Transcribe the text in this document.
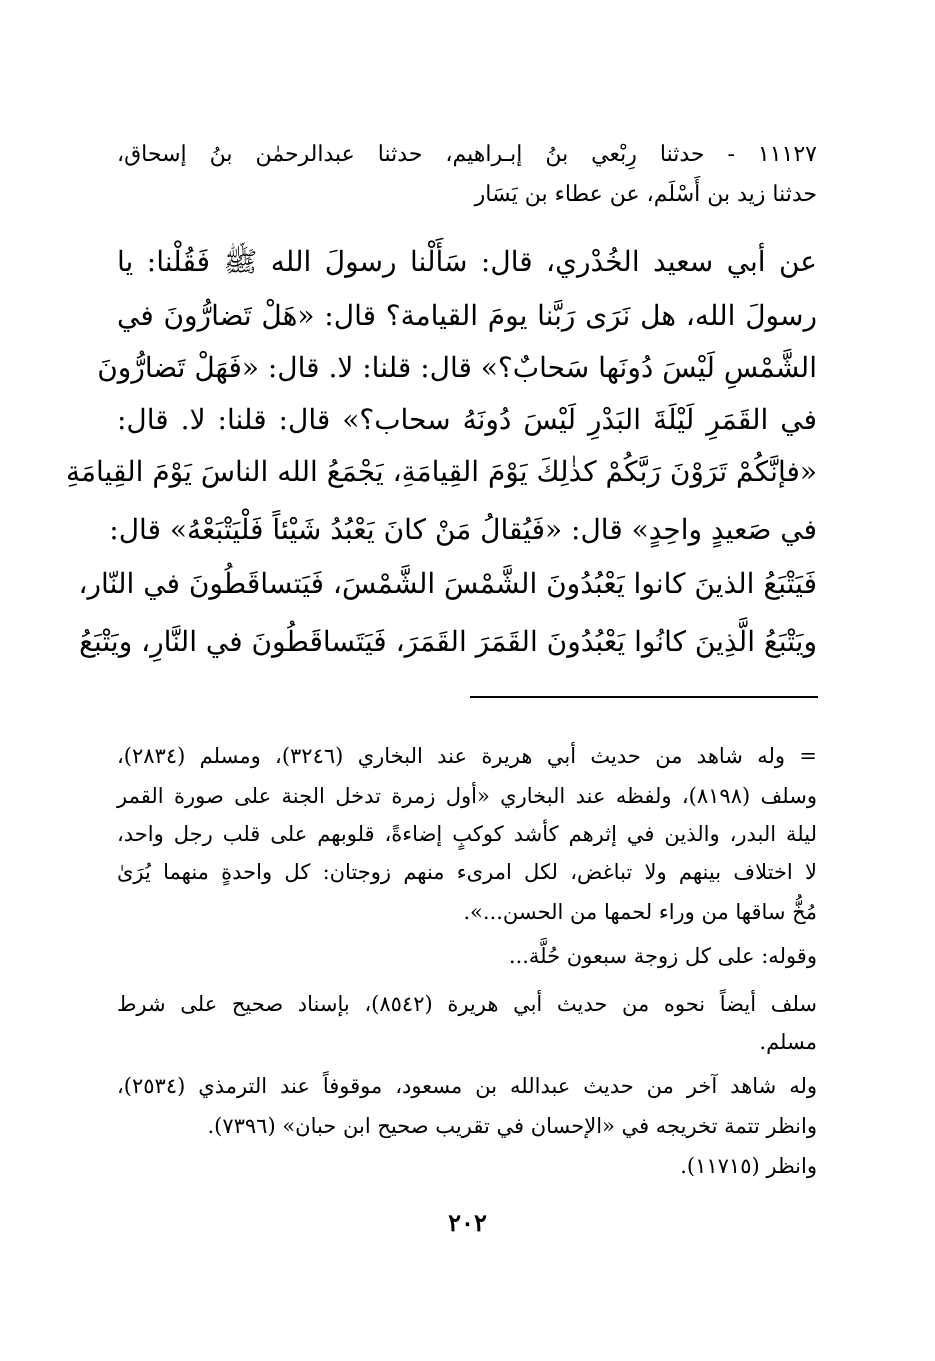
١١١٢٧ - حدثنا رِبْعي بنُ إبـراهيم، حدثنا عبدالرحمٰن بنُ إسحاق،
حدثنا زيد بن أَسْلَم، عن عطاء بن يَسَار
عن أبي سعيد الخُدْري، قال: سَأَلْنا رسولَ الله ﷺ فَقُلْنا: يا
رسولَ الله، هل نَرَى رَبَّنا يومَ القيامة؟ قال: «هَلْ تَضارُّونَ في
الشَّمْسِ لَيْسَ دُونَها سَحابٌ؟» قال: قلنا: لا. قال: «فَهَلْ تَضارُّونَ
في القَمَرِ لَيْلَةَ البَدْرِ لَيْسَ دُونَهُ سحاب؟» قال: قلنا: لا. قال:
«فإنَّكُمْ تَرَوْنَ رَبَّكُمْ كذٰلِكَ يَوْمَ القِيامَةِ، يَجْمَعُ الله الناسَ يَوْمَ القِيامَةِ
في صَعيدٍ واحِدٍ» قال: «فَيُقالُ مَنْ كانَ يَعْبُدُ شَيْئاً فَلْيَتْبَعْهُ» قال:
فَيَتْبَعُ الذينَ كانوا يَعْبُدُونَ الشَّمْسَ الشَّمْسَ، فَيَتساقَطُونَ في النّار،
ويَتْبَعُ الَّذِينَ كانُوا يَعْبُدُونَ القَمَرَ القَمَرَ، فَيَتَساقَطُونَ في النَّارِ، ويَتْبَعُ
= وله شاهد من حديث أبي هريرة عند البخاري (٣٢٤٦)، ومسلم (٢٨٣٤)،
وسلف (٨١٩٨)، ولفظه عند البخاري «أول زمرة تدخل الجنة على صورة القمر
ليلة البدر، والذين في إثرهم كأشد كوكبٍ إضاءةً، قلوبهم على قلب رجل واحد،
لا اختلاف بينهم ولا تباغض، لكل امرىء منهم زوجتان: كل واحدةٍ منهما يُرَىٰ
مُخُّ ساقها من وراء لحمها من الحسن...».
وقوله: على كل زوجة سبعون حُلَّة...
سلف أيضاً نحوه من حديث أبي هريرة (٨٥٤٢)، بإسناد صحيح على شرط
مسلم.
وله شاهد آخر من حديث عبدالله بن مسعود، موقوفاً عند الترمذي (٢٥٣٤)،
وانظر تتمة تخريجه في «الإحسان في تقريب صحيح ابن حبان» (٧٣٩٦).
وانظر (١١٧١٥).
٢٠٢
